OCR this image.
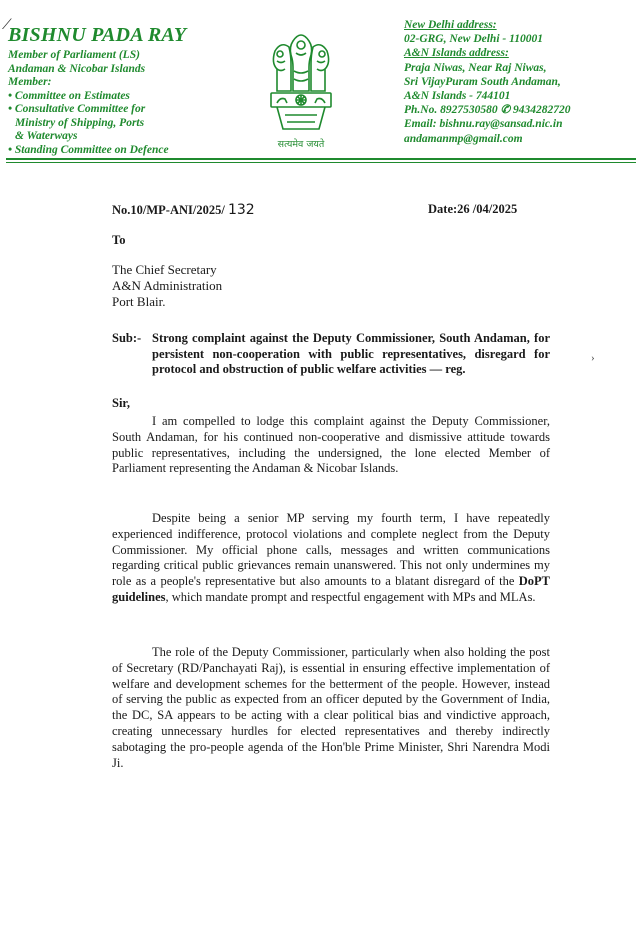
⟋
BISHNU PADA RAY
Member of Parliament (LS)
Andaman & Nicobar Islands
Member:
• Committee on Estimates
• Consultative Committee for
Ministry of Shipping, Ports
& Waterways
• Standing Committee on Defence	सत्यमेव जयते
New Delhi address:
02-GRG, New Delhi - 110001
A&N Islands address:
Praja Niwas, Near Raj Niwas,
Sri VijayPuram South Andaman,
A&N Islands - 744101
Ph.No. 8927530580 ✆ 9434282720
Email: bishnu.ray@sansad.nic.in
andamanmp@gmail.com
No.10/MP-ANI/2025/ 132	Date:26 /04/2025
To
The Chief Secretary
A&N Administration
Port Blair.
Sub:- Strong complaint against the Deputy Commissioner, South Andaman, for persistent non-cooperation with public representatives, disregard for protocol and obstruction of public welfare activities — reg.
›
Sir,
I am compelled to lodge this complaint against the Deputy Commissioner, South Andaman, for his continued non-cooperative and dismissive attitude towards public representatives, including the undersigned, the lone elected Member of Parliament representing the Andaman & Nicobar Islands.
Despite being a senior MP serving my fourth term, I have repeatedly experienced indifference, protocol violations and complete neglect from the Deputy Commissioner. My official phone calls, messages and written communications regarding critical public grievances remain unanswered. This not only undermines my role as a people's representative but also amounts to a blatant disregard of the DoPT guidelines, which mandate prompt and respectful engagement with MPs and MLAs.
The role of the Deputy Commissioner, particularly when also holding the post of Secretary (RD/Panchayati Raj), is essential in ensuring effective implementation of welfare and development schemes for the betterment of the people. However, instead of serving the public as expected from an officer deputed by the Government of India, the DC, SA appears to be acting with a clear political bias and vindictive approach, creating unnecessary hurdles for elected representatives and thereby indirectly sabotaging the pro-people agenda of the Hon'ble Prime Minister, Shri Narendra Modi Ji.
